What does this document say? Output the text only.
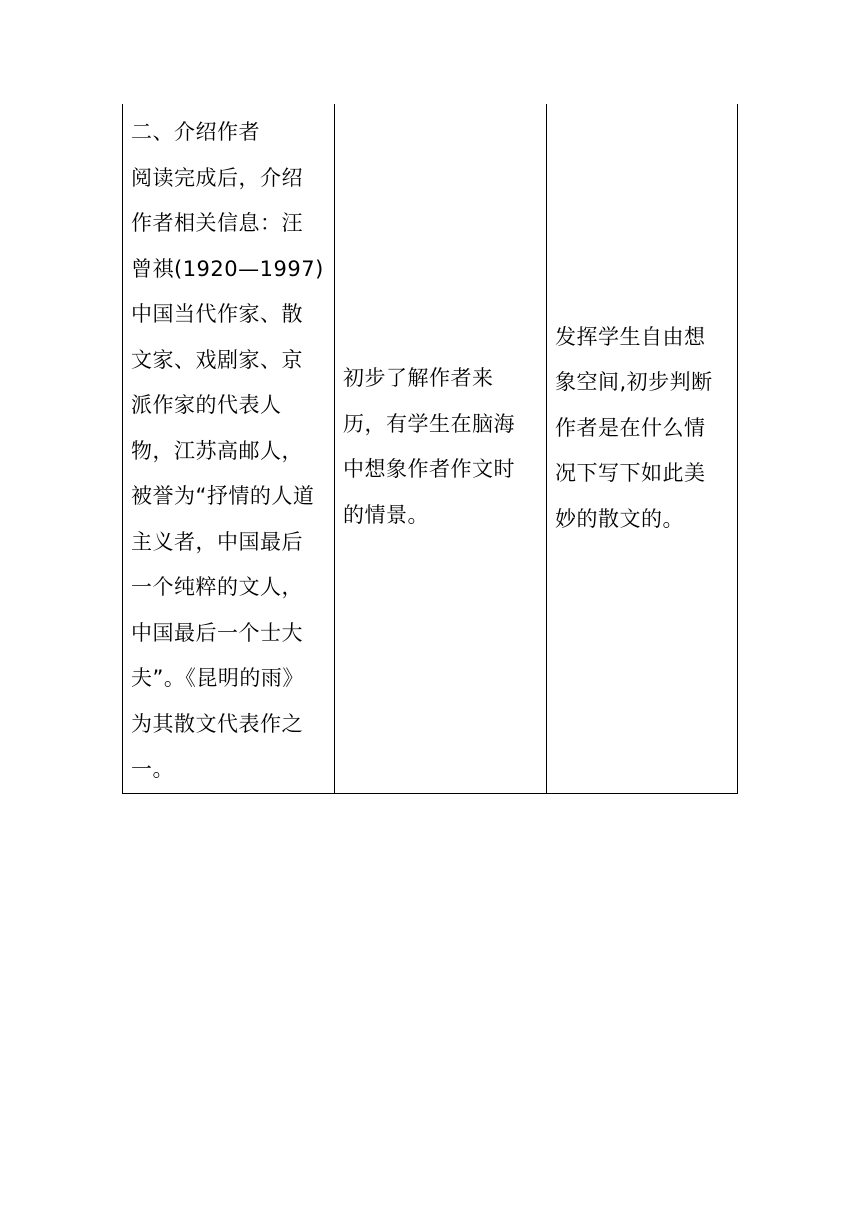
二、介绍作者
阅读完成后，介绍
作者相关信息：汪
曾祺(1920—1997)
中国当代作家、散
文家、戏剧家、京
派作家的代表人
物，江苏高邮人，
被誉为“抒情的人道
主义者，中国最后
一个纯粹的文人，
中国最后一个士大
夫”。《昆明的雨》
为其散文代表作之
一。

初步了解作者来
历，有学生在脑海
中想象作者作文时
的情景。

发挥学生自由想
象空间,初步判断
作者是在什么情
况下写下如此美
妙的散文的。
